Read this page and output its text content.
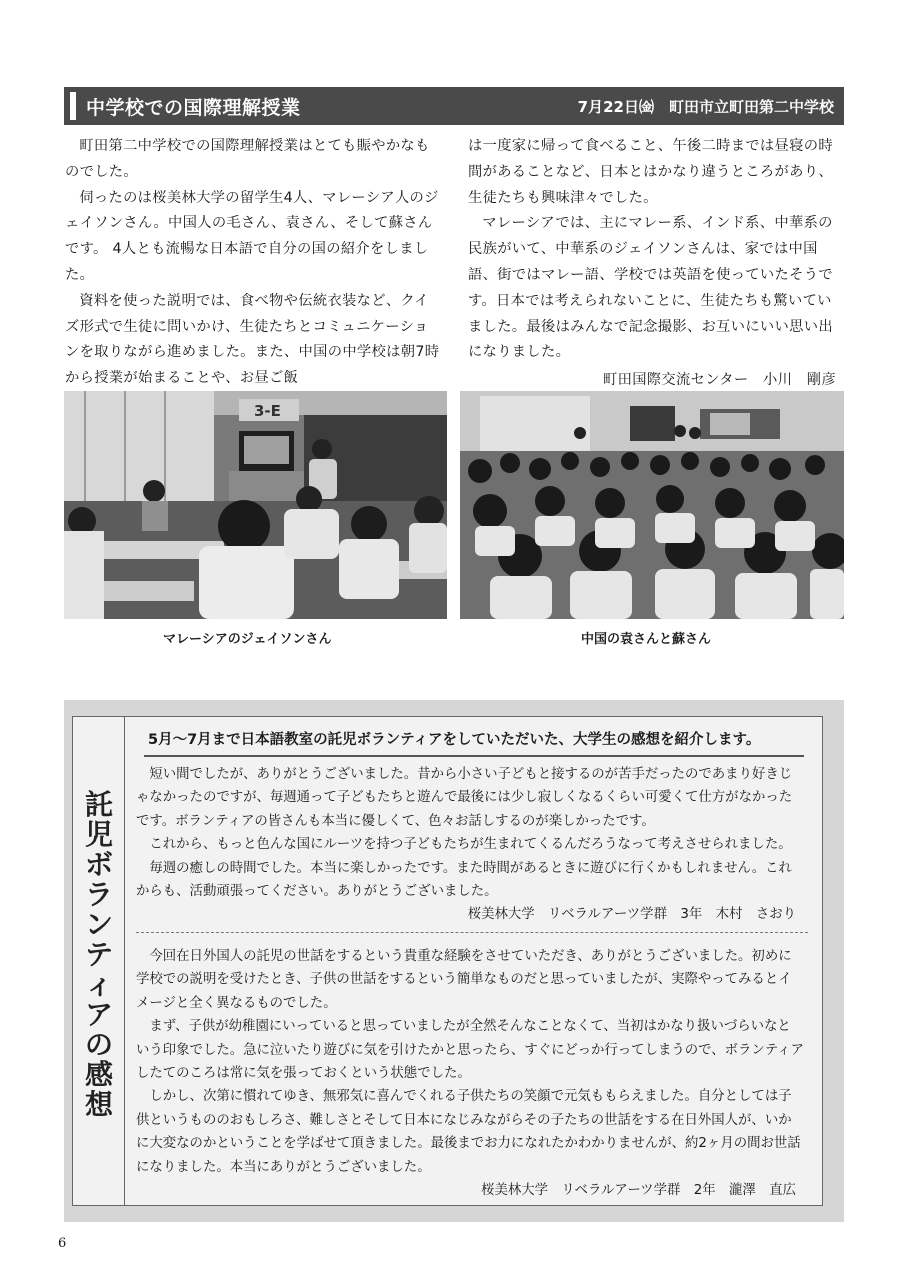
中学校での国際理解授業	7月22日㈮　町田市立町田第二中学校

町田第二中学校での国際理解授業はとても賑やかなものでした。

伺ったのは桜美林大学の留学生4人、マレーシア人のジェイソンさん。中国人の毛さん、袁さん、そして蘇さんです。 4人とも流暢な日本語で自分の国の紹介をしました。

資料を使った説明では、食べ物や伝統衣装など、クイズ形式で生徒に問いかけ、生徒たちとコミュニケーションを取りながら進めました。また、中国の中学校は朝7時から授業が始まることや、お昼ご飯

は一度家に帰って食べること、午後二時までは昼寝の時間があることなど、日本とはかなり違うところがあり、生徒たちも興味津々でした。

マレーシアでは、主にマレー系、インド系、中華系の民族がいて、中華系のジェイソンさんは、家では中国語、街ではマレー語、学校では英語を使っていたそうです。日本では考えられないことに、生徒たちも驚いていました。最後はみんなで記念撮影、お互いにいい思い出になりました。

町田国際交流センター　小川　剛彦
3-E
マレーシアのジェイソンさん	中国の袁さんと蘇さん
託
児
ボ
ラ
ン
テ
ィ
ア
の
感
想
5月～7月まで日本語教室の託児ボランティアをしていただいた、大学生の感想を紹介します。

短い間でしたが、ありがとうございました。昔から小さい子どもと接するのが苦手だったのであまり好きじゃなかったのですが、毎週通って子どもたちと遊んで最後には少し寂しくなるくらい可愛くて仕方がなかったです。ボランティアの皆さんも本当に優しくて、色々お話しするのが楽しかったです。

これから、もっと色んな国にルーツを持つ子どもたちが生まれてくるんだろうなって考えさせられました。

毎週の癒しの時間でした。本当に楽しかったです。また時間があるときに遊びに行くかもしれません。これからも、活動頑張ってください。ありがとうございました。

桜美林大学　リベラルアーツ学群　3年　木村　さおり

今回在日外国人の託児の世話をするという貴重な経験をさせていただき、ありがとうございました。初めに学校での説明を受けたとき、子供の世話をするという簡単なものだと思っていましたが、実際やってみるとイメージと全く異なるものでした。

まず、子供が幼稚園にいっていると思っていましたが全然そんなことなくて、当初はかなり扱いづらいなという印象でした。急に泣いたり遊びに気を引けたかと思ったら、すぐにどっか行ってしまうので、ボランティアしたてのころは常に気を張っておくという状態でした。

しかし、次第に慣れてゆき、無邪気に喜んでくれる子供たちの笑顔で元気ももらえました。自分としては子供というもののおもしろさ、難しさとそして日本になじみながらその子たちの世話をする在日外国人が、いかに大変なのかということを学ばせて頂きました。最後までお力になれたかわかりませんが、約2ヶ月の間お世話になりました。本当にありがとうございました。

桜美林大学　リベラルアーツ学群　2年　瀧澤　直広
6
